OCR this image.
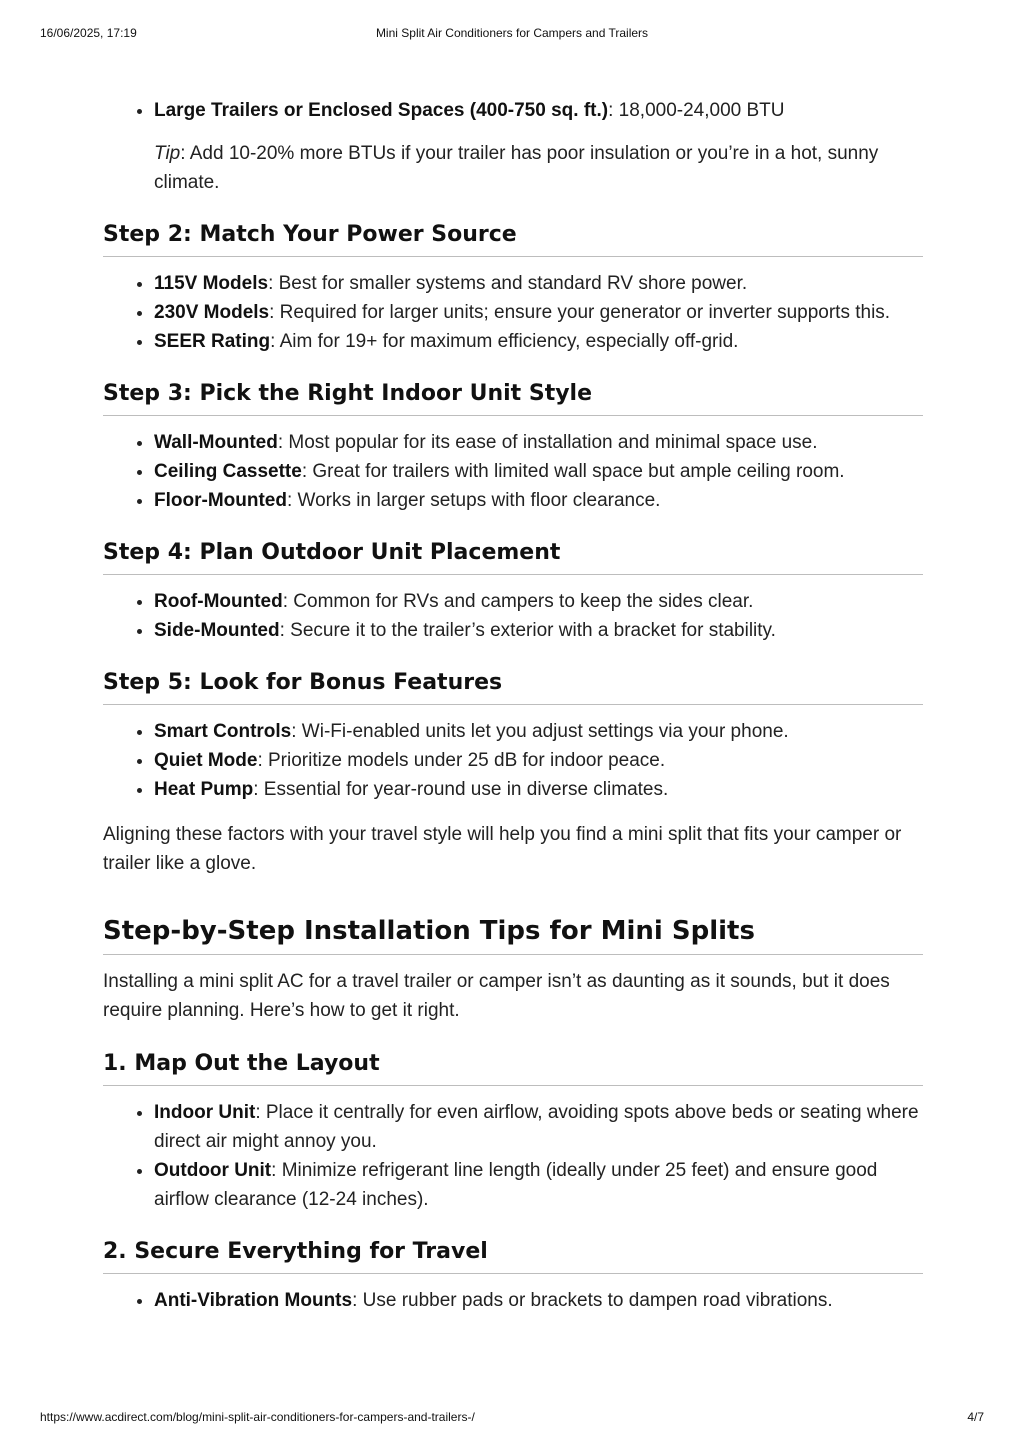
16/06/2025, 17:19	Mini Split Air Conditioners for Campers and Trailers
• Large Trailers or Enclosed Spaces (400-750 sq. ft.): 18,000-24,000 BTU

Tip: Add 10-20% more BTUs if your trailer has poor insulation or you’re in a hot, sunny climate.

Step 2: Match Your Power Source
• 115V Models: Best for smaller systems and standard RV shore power.
• 230V Models: Required for larger units; ensure your generator or inverter supports this.
• SEER Rating: Aim for 19+ for maximum efficiency, especially off-grid.
Step 3: Pick the Right Indoor Unit Style
• Wall-Mounted: Most popular for its ease of installation and minimal space use.
• Ceiling Cassette: Great for trailers with limited wall space but ample ceiling room.
• Floor-Mounted: Works in larger setups with floor clearance.
Step 4: Plan Outdoor Unit Placement
• Roof-Mounted: Common for RVs and campers to keep the sides clear.
• Side-Mounted: Secure it to the trailer’s exterior with a bracket for stability.
Step 5: Look for Bonus Features
• Smart Controls: Wi-Fi-enabled units let you adjust settings via your phone.
• Quiet Mode: Prioritize models under 25 dB for indoor peace.
• Heat Pump: Essential for year-round use in diverse climates.

Aligning these factors with your travel style will help you find a mini split that fits your camper or trailer like a glove.

Step-by-Step Installation Tips for Mini Splits

Installing a mini split AC for a travel trailer or camper isn’t as daunting as it sounds, but it does require planning. Here’s how to get it right.

1. Map Out the Layout
• Indoor Unit: Place it centrally for even airflow, avoiding spots above beds or seating where direct air might annoy you.
• Outdoor Unit: Minimize refrigerant line length (ideally under 25 feet) and ensure good airflow clearance (12-24 inches).
2. Secure Everything for Travel
• Anti-Vibration Mounts: Use rubber pads or brackets to dampen road vibrations.
https://www.acdirect.com/blog/mini-split-air-conditioners-for-campers-and-trailers-/	4/7
